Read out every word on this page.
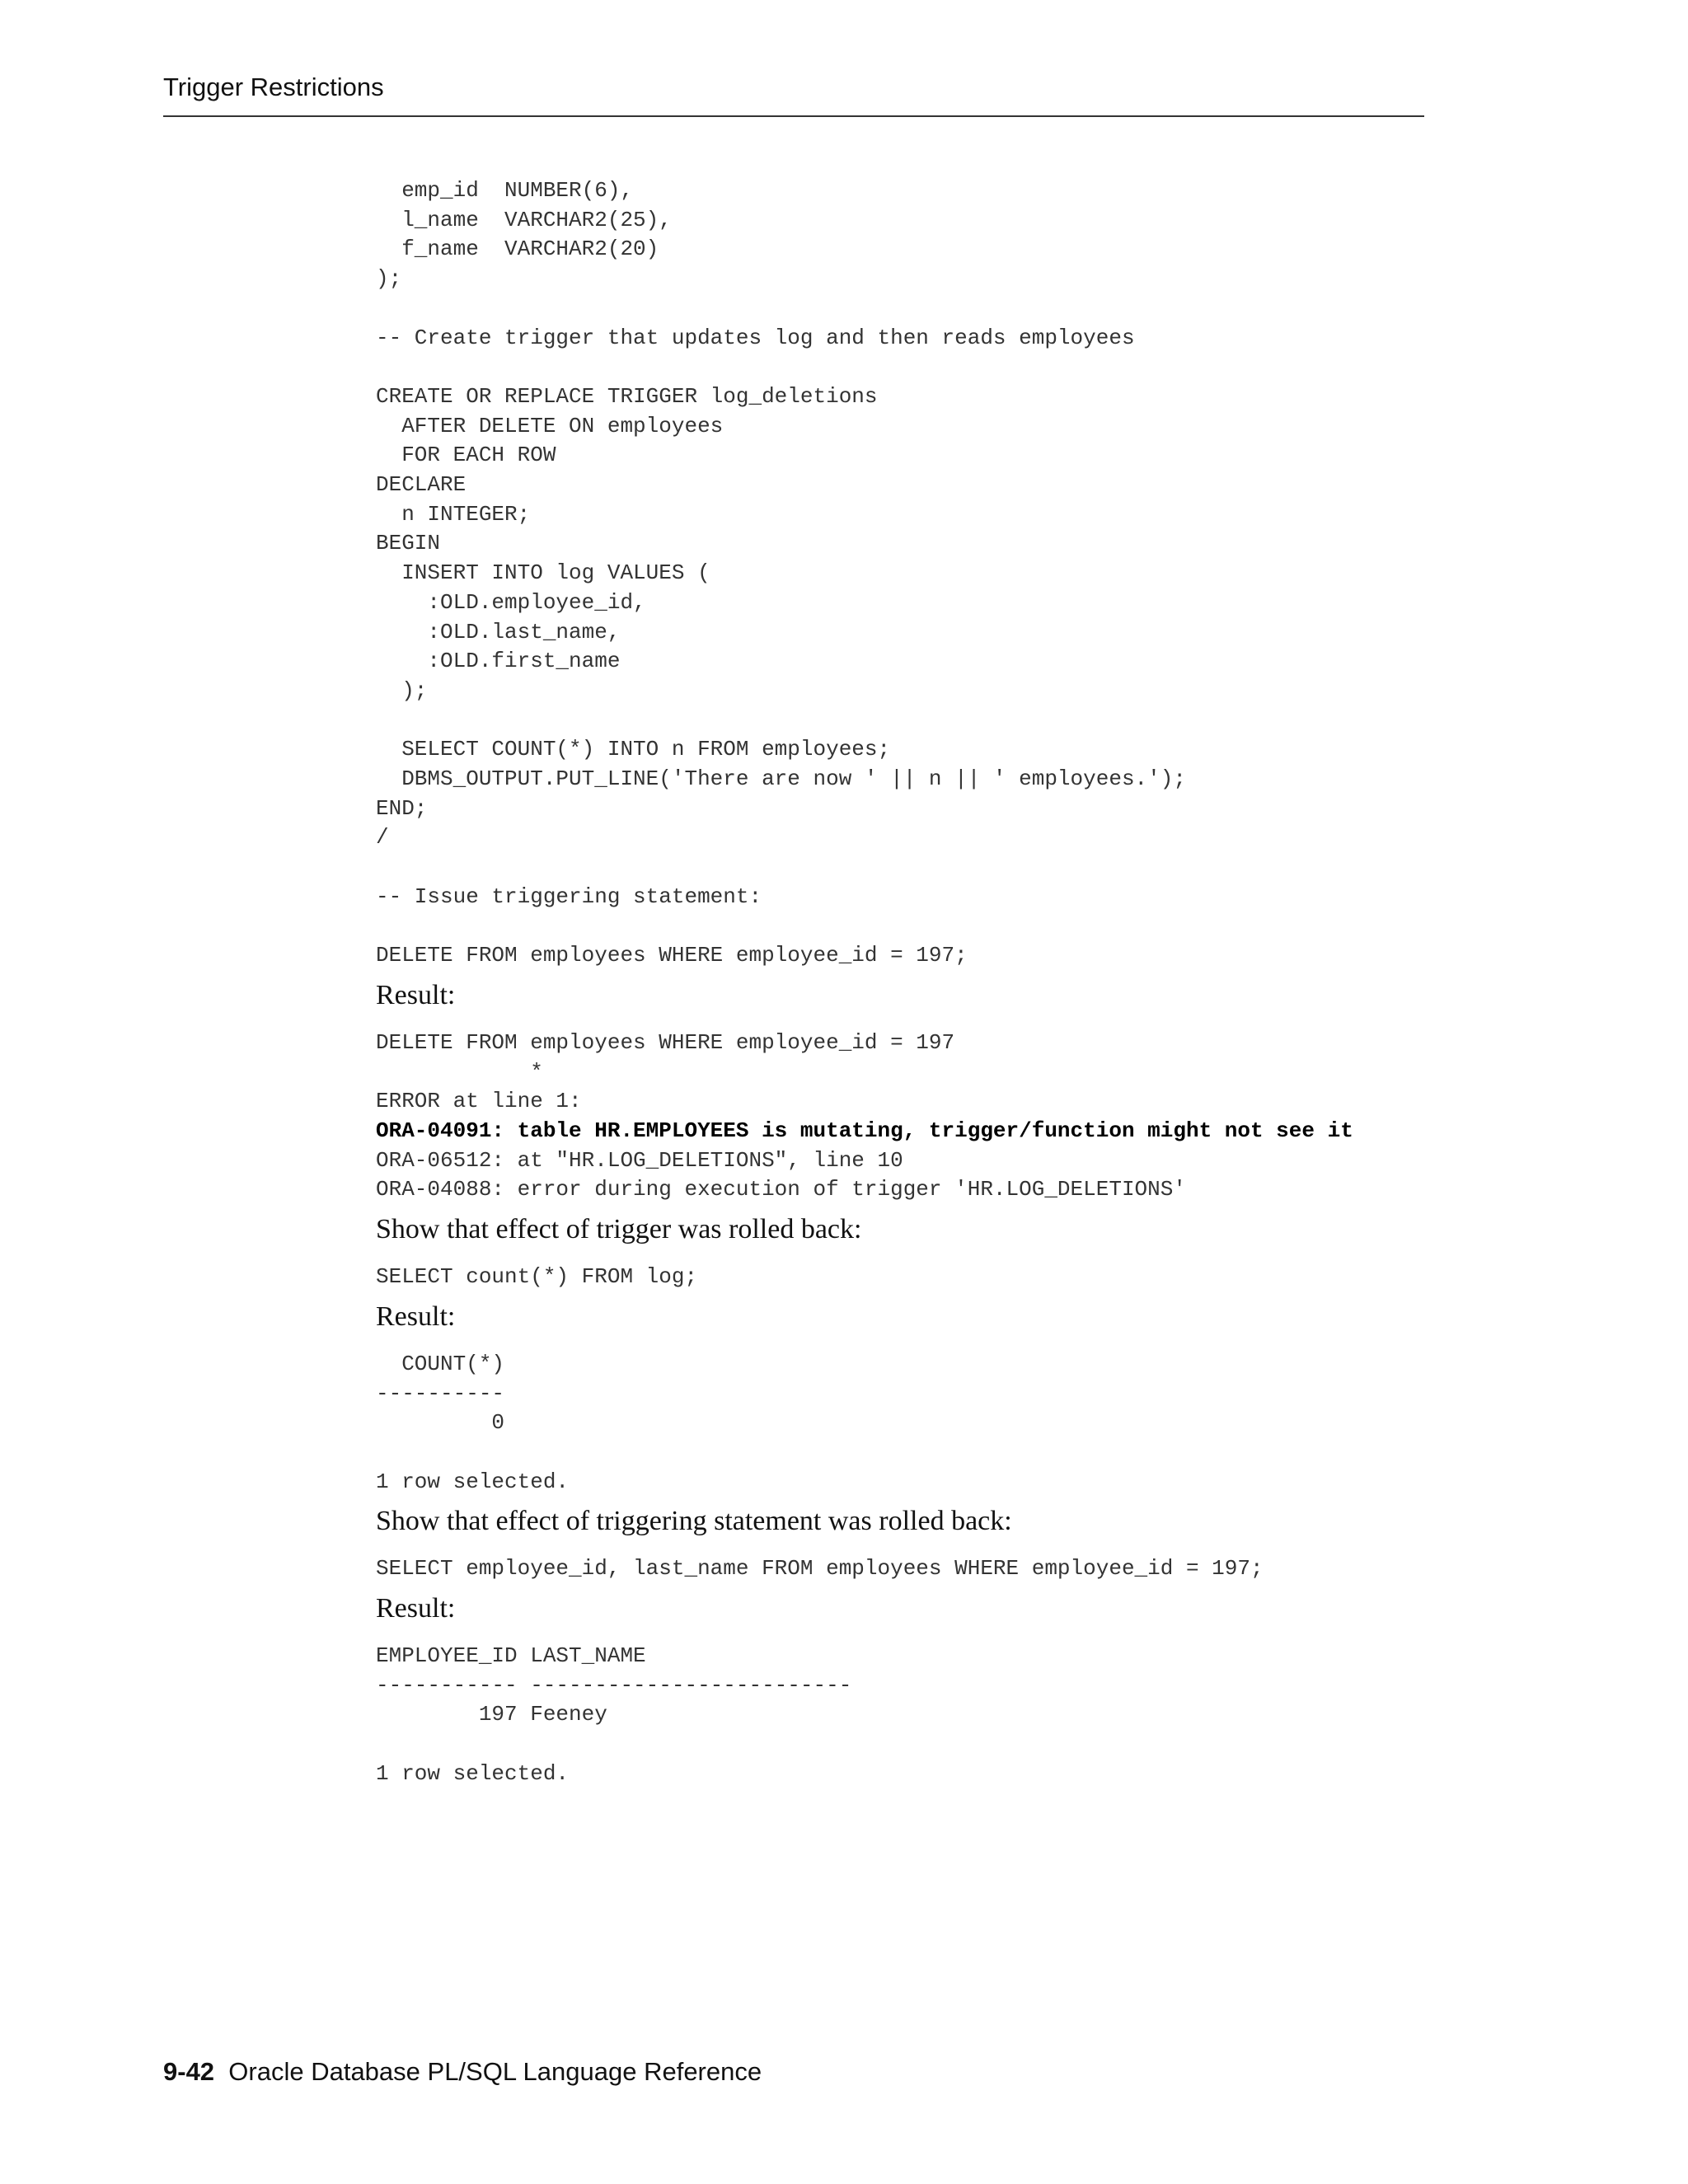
Trigger Restrictions
emp_id  NUMBER(6),
l_name  VARCHAR2(25),
f_name  VARCHAR2(20)
);
-- Create trigger that updates log and then reads employees
CREATE OR REPLACE TRIGGER log_deletions
AFTER DELETE ON employees
FOR EACH ROW
DECLARE
n INTEGER;
BEGIN
INSERT INTO log VALUES (
:OLD.employee_id,
:OLD.last_name,
:OLD.first_name
);
SELECT COUNT(*) INTO n FROM employees;
DBMS_OUTPUT.PUT_LINE('There are now ' || n || ' employees.');
END;
/
-- Issue triggering statement:
DELETE FROM employees WHERE employee_id = 197;

Result:

DELETE FROM employees WHERE employee_id = 197
*
ERROR at line 1:
ORA-04091: table HR.EMPLOYEES is mutating, trigger/function might not see it
ORA-06512: at "HR.LOG_DELETIONS", line 10
ORA-04088: error during execution of trigger 'HR.LOG_DELETIONS'

Show that effect of trigger was rolled back:

SELECT count(*) FROM log;

Result:

COUNT(*)
----------
0
1 row selected.

Show that effect of triggering statement was rolled back:

SELECT employee_id, last_name FROM employees WHERE employee_id = 197;

Result:

EMPLOYEE_ID LAST_NAME
----------- -------------------------
197 Feeney
1 row selected.
9-42 Oracle Database PL/SQL Language Reference
